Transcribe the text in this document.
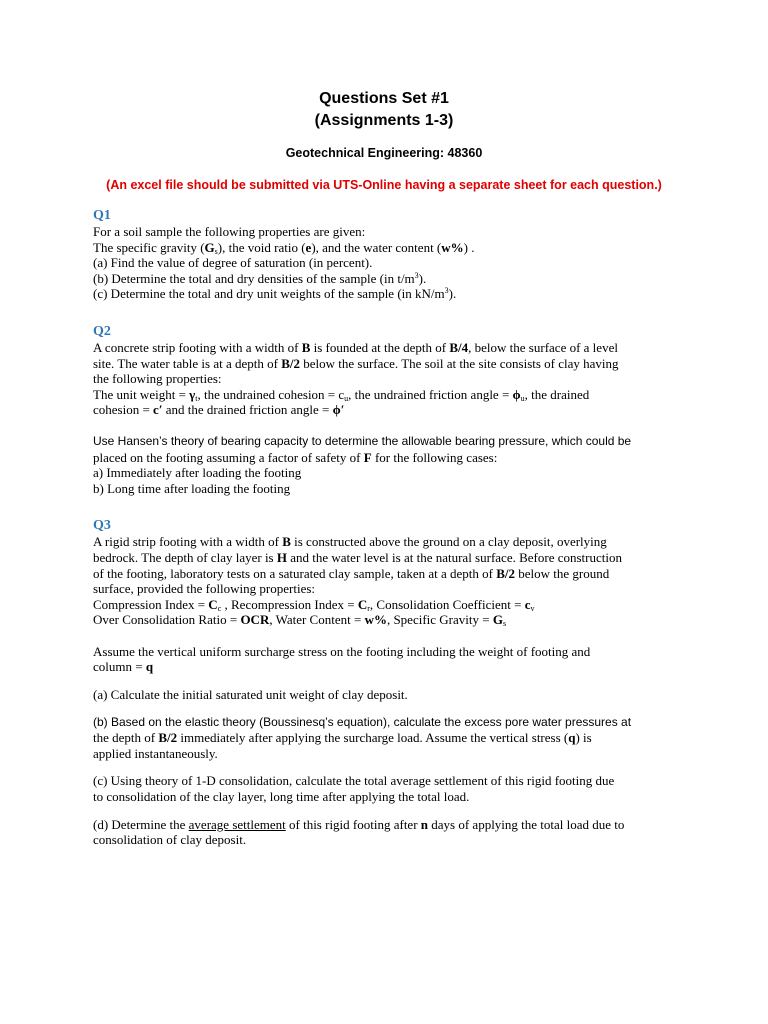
Questions Set #1
(Assignments 1-3)
Geotechnical Engineering: 48360
(An excel file should be submitted via UTS-Online having a separate sheet for each question.)
Q1
For a soil sample the following properties are given:
The specific gravity $(G_s)$, the void ratio (e), and the water content (w%) .
(a) Find the value of degree of saturation (in percent).
(b) Determine the total and dry densities of the sample (in $t/m^3$).
(c) Determine the total and dry unit weights of the sample (in $kN/m^3$).
Q2
A concrete strip footing with a width of B is founded at the depth of B/4, below the surface of a level
site. The water table is at a depth of B/2 below the surface. The soil at the site consists of clay having
the following properties:
The unit weight = $\gamma_t$, the undrained cohesion = $c_u$, the undrained friction angle = $\phi_u$, the drained
cohesion = c′ and the drained friction angle = ϕ′
Use Hansen’s theory of bearing capacity to determine the allowable bearing pressure, which could be
placed on the footing assuming a factor of safety of F for the following cases:
a) Immediately after loading the footing
b) Long time after loading the footing
Q3
A rigid strip footing with a width of B is constructed above the ground on a clay deposit, overlying
bedrock. The depth of clay layer is H and the water level is at the natural surface. Before construction
of the footing, laboratory tests on a saturated clay sample, taken at a depth of B/2 below the ground
surface, provided the following properties:
Compression Index = $C_c$ , Recompression Index = $C_r$, Consolidation Coefficient = $c_v$
Over Consolidation Ratio = OCR, Water Content = w%, Specific Gravity = $G_s$
Assume the vertical uniform surcharge stress on the footing including the weight of footing and
column = q
(a) Calculate the initial saturated unit weight of clay deposit.
(b) Based on the elastic theory (Boussinesq’s equation), calculate the excess pore water pressures at
the depth of B/2 immediately after applying the surcharge load. Assume the vertical stress (q) is
applied instantaneously.
(c) Using theory of 1-D consolidation, calculate the total average settlement of this rigid footing due
to consolidation of the clay layer, long time after applying the total load.
(d) Determine the average settlement of this rigid footing after n days of applying the total load due to
consolidation of clay deposit.
